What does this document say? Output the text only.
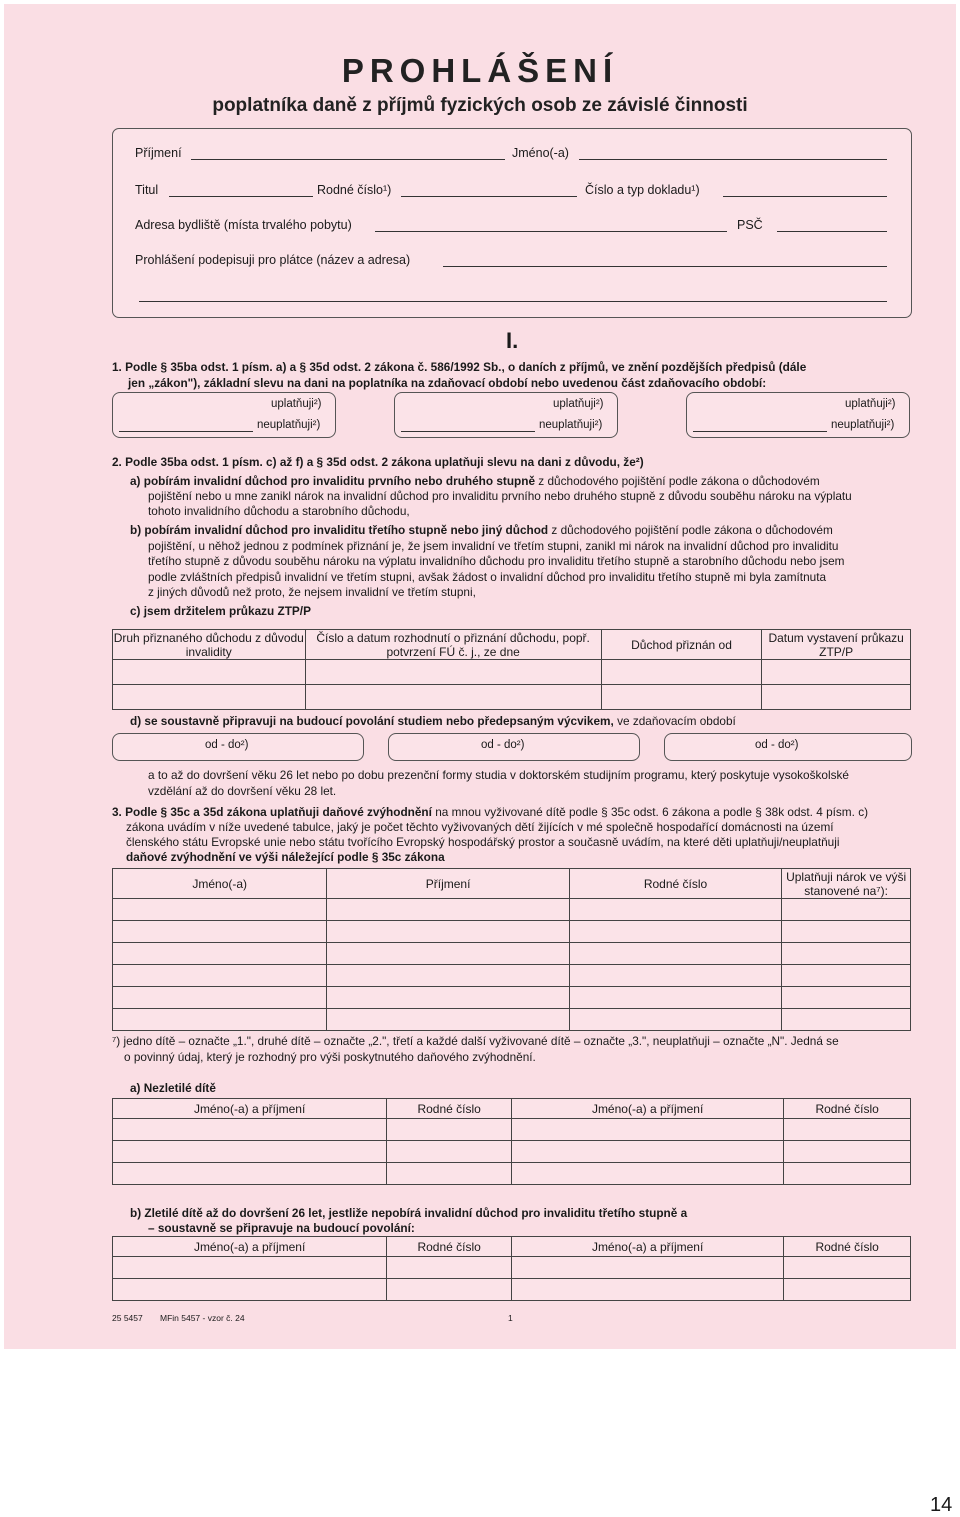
PROHLÁŠENÍ
poplatníka daně z příjmů fyzických osob ze závislé činnosti
Příjmení	Jméno(-a)
Titul	Rodné číslo¹)	Číslo a typ dokladu¹)
Adresa bydliště (místa trvalého pobytu)	PSČ
Prohlášení podepisuji pro plátce (název a adresa)
I.
1. Podle § 35ba odst. 1 písm. a) a § 35d odst. 2 zákona č. 586/1992 Sb., o daních z příjmů, ve znění pozdějších předpisů (dále
jen „zákon"), základní slevu na dani na poplatníka na zdaňovací období nebo uvedenou část zdaňovacího období:
uplatňuji²)
neuplatňuji²)
uplatňuji²)
neuplatňuji²)
uplatňuji²)
neuplatňuji²)
2. Podle 35ba odst. 1 písm. c) až f) a § 35d odst. 2 zákona uplatňuji slevu na dani z důvodu, že²)
a) pobírám invalidní důchod pro invaliditu prvního nebo druhého stupně z důchodového pojištění podle zákona o důchodovém
pojištění nebo u mne zanikl nárok na invalidní důchod pro invaliditu prvního nebo druhého stupně z důvodu souběhu nároku na výplatu
tohoto invalidního důchodu a starobního důchodu,
b) pobírám invalidní důchod pro invaliditu třetího stupně nebo jiný důchod z důchodového pojištění podle zákona o důchodovém
pojištění, u něhož jednou z podmínek přiznání je, že jsem invalidní ve třetím stupni, zanikl mi nárok na invalidní důchod pro invaliditu
třetího stupně z důvodu souběhu nároku na výplatu invalidního důchodu pro invaliditu třetího stupně a starobního důchodu nebo jsem
podle zvláštních předpisů invalidní ve třetím stupni, avšak žádost o invalidní důchod pro invaliditu třetího stupně mi byla zamítnuta
z jiných důvodů než proto, že nejsem invalidní ve třetím stupni,
c) jsem držitelem průkazu ZTP/P
Druh přiznaného důchodu z důvodu invalidity	Číslo a datum rozhodnutí o přiznání důchodu, popř. potvrzení FÚ č. j., ze dne	Důchod přiznán od	Datum vystavení průkazu ZTP/P

d) se soustavně připravuji na budoucí povolání studiem nebo předepsaným výcvikem, ve zdaňovacím období
od - do²)	od - do²)	od - do²)
a to až do dovršení věku 26 let nebo po dobu prezenční formy studia v doktorském studijním programu, který poskytuje vysokoškolské
vzdělání až do dovršení věku 28 let.
3. Podle § 35c a 35d zákona uplatňuji daňové zvýhodnění na mnou vyživované dítě podle § 35c odst. 6 zákona a podle § 38k odst. 4 písm. c)
zákona uvádím v níže uvedené tabulce, jaký je počet těchto vyživovaných dětí žijících v mé společně hospodařící domácnosti na území
členského státu Evropské unie nebo státu tvořícího Evropský hospodářský prostor a současně uvádím, na které děti uplatňuji/neuplatňuji
daňové zvýhodnění ve výši náležející podle § 35c zákona
Jméno(-a)	Příjmení	Rodné číslo	Uplatňuji nárok ve výši stanovené na⁷):

⁷) jedno dítě – označte „1.", druhé dítě – označte „2.", třetí a každé další vyživované dítě – označte „3.", neuplatňuji – označte „N". Jedná se
o povinný údaj, který je rozhodný pro výši poskytnutého daňového zvýhodnění.
a) Nezletilé dítě
Jméno(-a) a příjmení	Rodné číslo	Jméno(-a) a příjmení	Rodné číslo

b) Zletilé dítě až do dovršení 26 let, jestliže nepobírá invalidní důchod pro invaliditu třetího stupně a
– soustavně se připravuje na budoucí povolání:
Jméno(-a) a příjmení	Rodné číslo	Jméno(-a) a příjmení	Rodné číslo

25 5457 MFin 5457 - vzor č. 24	1
14
